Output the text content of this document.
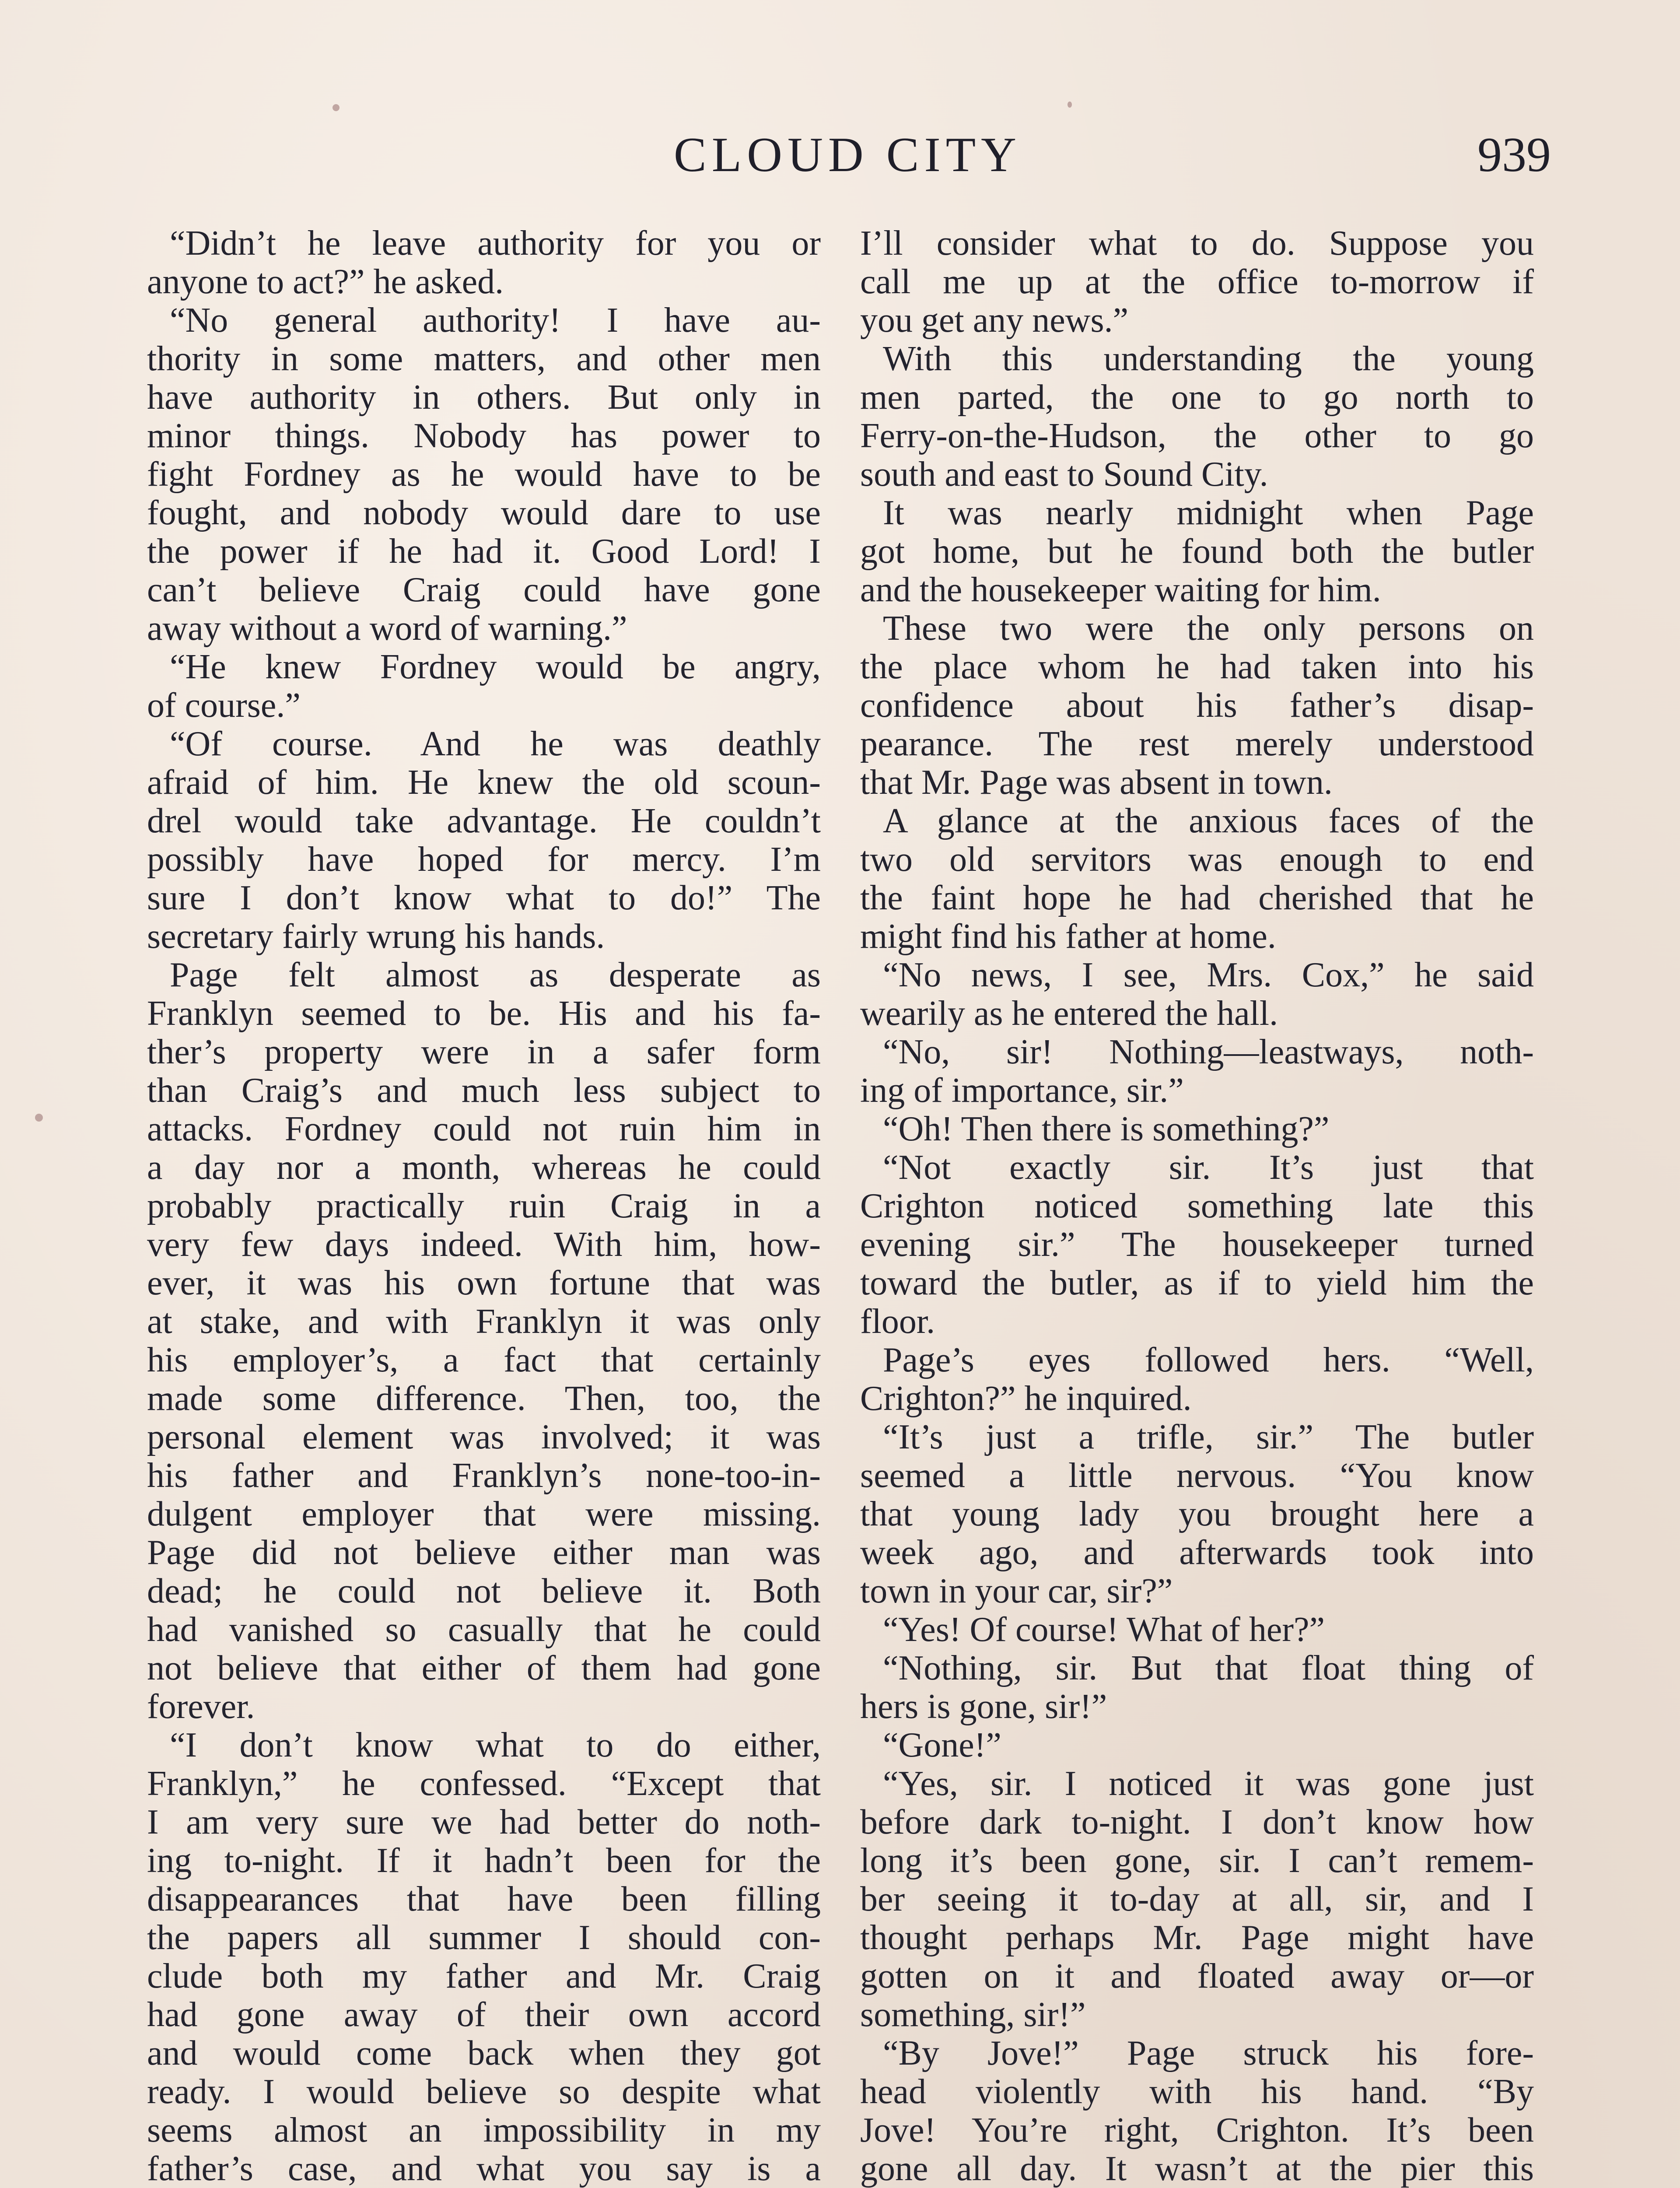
CLOUD CITY	939
“Didn’t he leave authority for you or
anyone to act?” he asked.
“No general authority! I have au-
thority in some matters, and other men
have authority in others. But only in
minor things. Nobody has power to
fight Fordney as he would have to be
fought, and nobody would dare to use
the power if he had it. Good Lord! I
can’t believe Craig could have gone
away without a word of warning.”
“He knew Fordney would be angry,
of course.”
“Of course. And he was deathly
afraid of him. He knew the old scoun-
drel would take advantage. He couldn’t
possibly have hoped for mercy. I’m
sure I don’t know what to do!” The
secretary fairly wrung his hands.
Page felt almost as desperate as
Franklyn seemed to be. His and his fa-
ther’s property were in a safer form
than Craig’s and much less subject to
attacks. Fordney could not ruin him in
a day nor a month, whereas he could
probably practically ruin Craig in a
very few days indeed. With him, how-
ever, it was his own fortune that was
at stake, and with Franklyn it was only
his employer’s, a fact that certainly
made some difference. Then, too, the
personal element was involved; it was
his father and Franklyn’s none-too-in-
dulgent employer that were missing.
Page did not believe either man was
dead; he could not believe it. Both
had vanished so casually that he could
not believe that either of them had gone
forever.
“I don’t know what to do either,
Franklyn,” he confessed. “Except that
I am very sure we had better do noth-
ing to-night. If it hadn’t been for the
disappearances that have been filling
the papers all summer I should con-
clude both my father and Mr. Craig
had gone away of their own accord
and would come back when they got
ready. I would believe so despite what
seems almost an impossibility in my
father’s case, and what you say is a
I’ll consider what to do. Suppose you
call me up at the office to-morrow if
you get any news.”
With this understanding the young
men parted, the one to go north to
Ferry-on-the-Hudson, the other to go
south and east to Sound City.
It was nearly midnight when Page
got home, but he found both the butler
and the housekeeper waiting for him.
These two were the only persons on
the place whom he had taken into his
confidence about his father’s disap-
pearance. The rest merely understood
that Mr. Page was absent in town.
A glance at the anxious faces of the
two old servitors was enough to end
the faint hope he had cherished that he
might find his father at home.
“No news, I see, Mrs. Cox,” he said
wearily as he entered the hall.
“No, sir! Nothing—leastways, noth-
ing of importance, sir.”
“Oh! Then there is something?”
“Not exactly sir. It’s just that
Crighton noticed something late this
evening sir.” The housekeeper turned
toward the butler, as if to yield him the
floor.
Page’s eyes followed hers. “Well,
Crighton?” he inquired.
“It’s just a trifle, sir.” The butler
seemed a little nervous. “You know
that young lady you brought here a
week ago, and afterwards took into
town in your car, sir?”
“Yes! Of course! What of her?”
“Nothing, sir. But that float thing of
hers is gone, sir!”
“Gone!”
“Yes, sir. I noticed it was gone just
before dark to-night. I don’t know how
long it’s been gone, sir. I can’t remem-
ber seeing it to-day at all, sir, and I
thought perhaps Mr. Page might have
gotten on it and floated away or—or
something, sir!”
“By Jove!” Page struck his fore-
head violently with his hand. “By
Jove! You’re right, Crighton. It’s been
gone all day. It wasn’t at the pier this
